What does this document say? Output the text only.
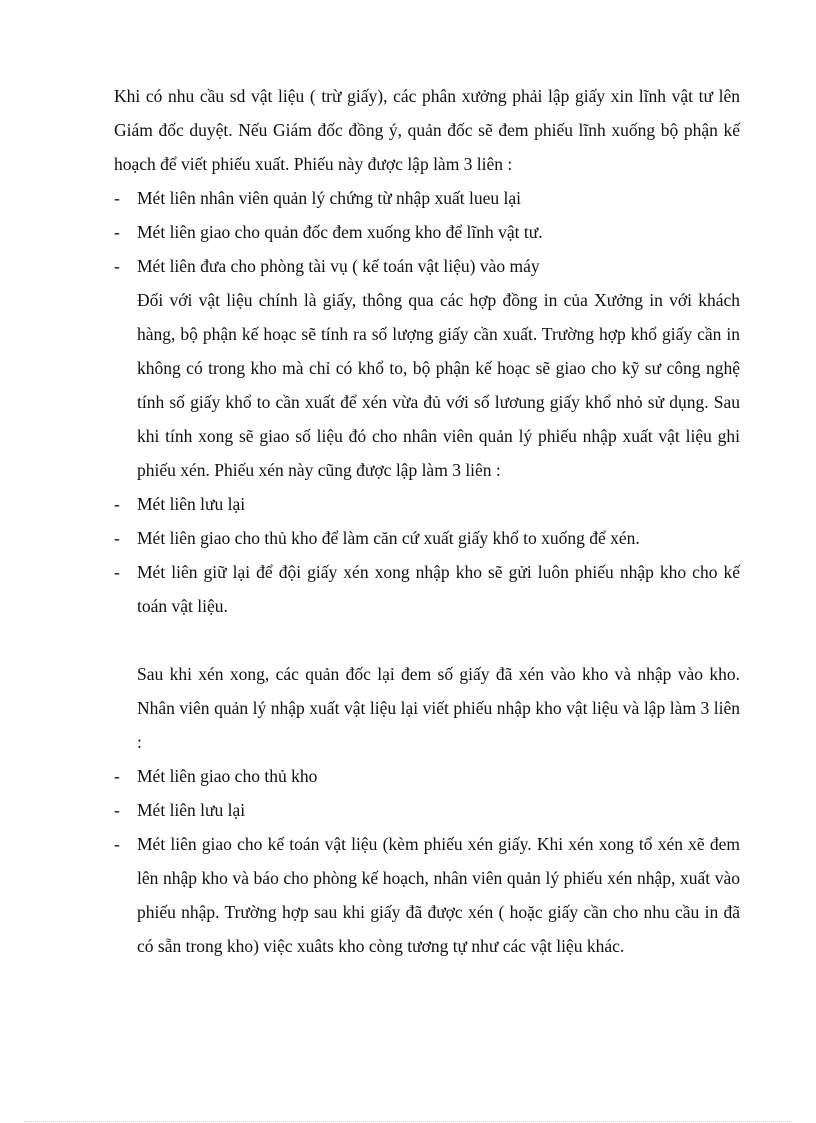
Khi có nhu cầu sd vật liệu ( trừ giấy), các phân xưởng phải lập giấy xin lĩnh vật tư lên Giám đốc duyệt. Nếu Giám đốc đồng ý, quản đốc sẽ đem phiếu lĩnh xuống bộ phận kế hoạch để viết phiếu xuất. Phiếu này được lập làm 3 liên :

- Mét liên nhân viên quản lý chứng từ nhập xuất lueu lại
- Mét liên giao cho quản đốc đem xuống kho để lĩnh vật tư.
- Mét liên đưa cho phòng tài vụ ( kế toán vật liệu) vào máy

Đối với vật liệu chính là giấy, thông qua các hợp đồng in của Xưởng in với khách hàng, bộ phận kế hoạc sẽ tính ra số lượng giấy cần xuất. Trường hợp khổ giấy cần in không có trong kho mà chỉ có khổ to, bộ phận kế hoạc sẽ giao cho kỹ sư công nghệ tính số giấy khổ to cần xuất để xén vừa đủ với số lươung giấy khổ nhỏ sử dụng. Sau khi tính xong sẽ giao số liệu đó cho nhân viên quản lý phiếu nhập xuất vật liệu ghi phiếu xén. Phiếu xén này cũng được lập làm 3 liên :

- Mét liên lưu lại
- Mét liên giao cho thủ kho để làm căn cứ xuất giấy khổ to xuống để xén.
- Mét liên giữ lại để đội giấy xén xong nhập kho sẽ gửi luôn phiếu nhập kho cho kế toán vật liệu.

Sau khi xén xong, các quản đốc lại đem số giấy đã xén vào kho và nhập vào kho. Nhân viên quản lý nhập xuất vật liệu lại viết phiếu nhập kho vật liệu và lập làm 3 liên :

- Mét liên giao cho thủ kho
- Mét liên lưu lại
- Mét liên giao cho kế toán vật liệu (kèm phiếu xén giấy. Khi xén xong tổ xén xẽ đem lên nhập kho và báo cho phòng kế hoạch, nhân viên quản lý phiếu xén nhập, xuất vào phiếu nhập. Trường hợp sau khi giấy đã được xén ( hoặc giấy cần cho nhu cầu in đã có sẵn trong kho) việc xuâts kho còng tương tự như các vật liệu khác.
